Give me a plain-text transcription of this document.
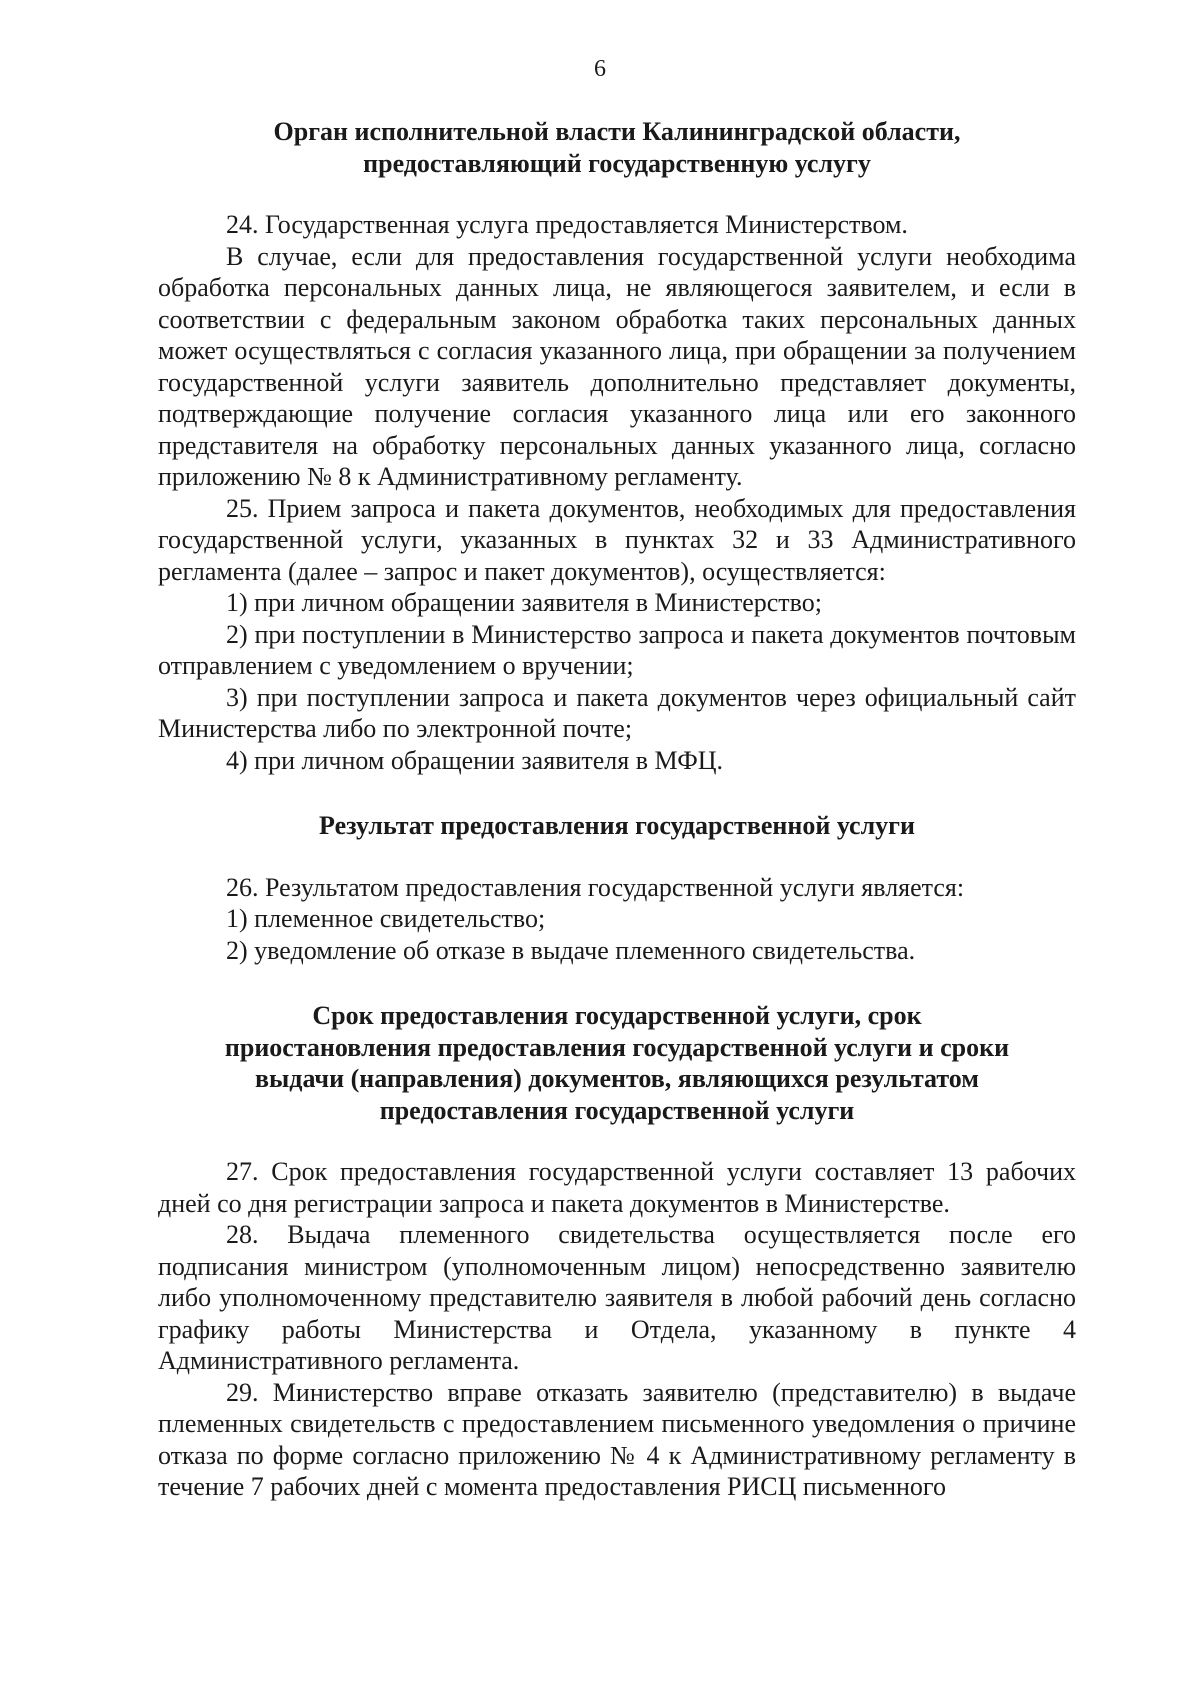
6
Орган исполнительной власти Калининградской области,
предоставляющий государственную услугу

24. Государственная услуга предоставляется Министерством.

В случае, если для предоставления государственной услуги необходима обработка персональных данных лица, не являющегося заявителем, и если в соответствии с федеральным законом обработка таких персональных данных может осуществляться с согласия указанного лица, при обращении за получением государственной услуги заявитель дополнительно представляет документы, подтверждающие получение согласия указанного лица или его законного представителя на обработку персональных данных указанного лица, согласно приложению № 8 к Административному регламенту.

25. Прием запроса и пакета документов, необходимых для предоставления государственной услуги, указанных в пунктах 32 и 33 Административного регламента (далее – запрос и пакет документов), осуществляется:

1) при личном обращении заявителя в Министерство;

2) при поступлении в Министерство запроса и пакета документов почтовым отправлением с уведомлением о вручении;

3) при поступлении запроса и пакета документов через официальный сайт Министерства либо по электронной почте;

4) при личном обращении заявителя в МФЦ.

Результат предоставления государственной услуги

26. Результатом предоставления государственной услуги является:

1) племенное свидетельство;

2) уведомление об отказе в выдаче племенного свидетельства.

Срок предоставления государственной услуги, срок
приостановления предоставления государственной услуги и сроки
выдачи (направления) документов, являющихся результатом
предоставления государственной услуги

27. Срок предоставления государственной услуги составляет 13 рабочих дней со дня регистрации запроса и пакета документов в Министерстве.

28. Выдача племенного свидетельства осуществляется после его подписания министром (уполномоченным лицом) непосредственно заявителю либо уполномоченному представителю заявителя в любой рабочий день согласно графику работы Министерства и Отдела, указанному в пункте 4 Административного регламента.

29. Министерство вправе отказать заявителю (представителю) в выдаче племенных свидетельств с предоставлением письменного уведомления о причине отказа по форме согласно приложению № 4 к Административному регламенту в течение 7 рабочих дней с момента предоставления РИСЦ письменного
